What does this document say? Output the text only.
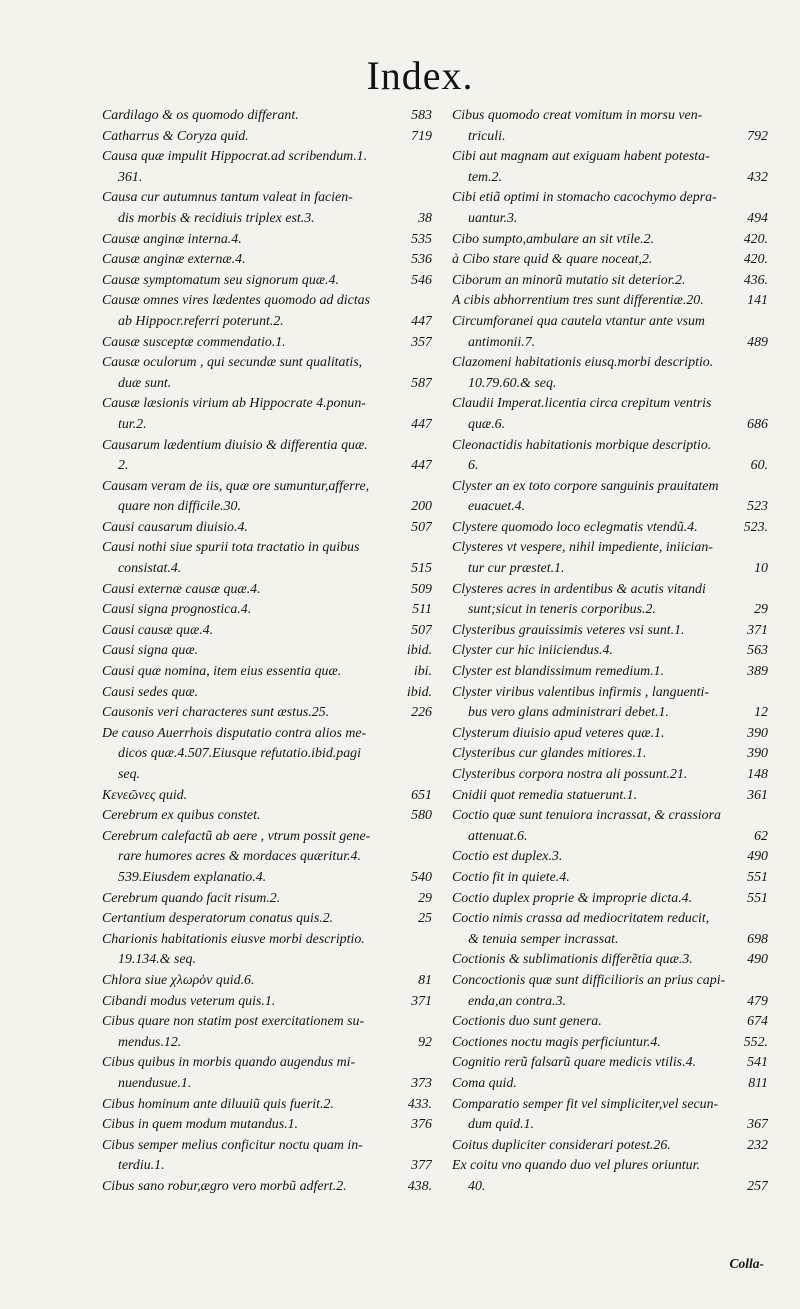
Index.
583
Cardilago & os quomodo differant.
719
Catharrus & Coryza quid.
Causa quæ impulit Hippocrat.ad scribendum.1.
361.
Causa cur autumnus tantum valeat in facien-
38
dis morbis & recidiuis triplex est.3.
535
Causæ anginæ interna.4.
536
Causæ anginæ externæ.4.
546
Causæ symptomatum seu signorum quæ.4.
Causæ omnes vires lædentes quomodo ad dictas
447
ab Hippocr.referri poterunt.2.
357
Causæ susceptæ commendatio.1.
Causæ oculorum , qui secundæ sunt qualitatis,
587
duæ sunt.
Causæ læsionis virium ab Hippocrate 4.ponun-
447
tur.2.
Causarum lædentium diuisio & differentia quæ.
447
2.
Causam veram de iis, quæ ore sumuntur,afferre,
200
quare non difficile.30.
507
Causi causarum diuisio.4.
Causi nothi siue spurii tota tractatio in quibus
515
consistat.4.
509
Causi externæ causæ quæ.4.
511
Causi signa prognostica.4.
507
Causi causæ quæ.4.
ibid.
Causi signa quæ.
ibi.
Causi quæ nomina, item eius essentia quæ.
ibid.
Causi sedes quæ.
226
Causonis veri characteres sunt æstus.25.
De causo Auerrhois disputatio contra alios me-
dicos quæ.4.507.Eiusque refutatio.ibid.pagi
seq.
651
Κενεῶνες quid.
580
Cerebrum ex quibus constet.
Cerebrum calefactũ ab aere , vtrum possit gene-
rare humores acres & mordaces quæritur.4.
540
539.Eiusdem explanatio.4.
29
Cerebrum quando facit risum.2.
25
Certantium desperatorum conatus quis.2.
Charionis habitationis eiusve morbi descriptio.
19.134.& seq.
81
Chlora siue χλωρὸν quid.6.
371
Cibandi modus veterum quis.1.
Cibus quare non statim post exercitationem su-
92
mendus.12.
Cibus quibus in morbis quando augendus mi-
373
nuendusue.1.
433.
Cibus hominum ante diluuiũ quis fuerit.2.
376
Cibus in quem modum mutandus.1.
Cibus semper melius conficitur noctu quam in-
377
terdiu.1.
438.
Cibus sano robur,ægro vero morbũ adfert.2.
Cibus quomodo creat vomitum in morsu ven-
792
triculi.
Cibi aut magnam aut exiguam habent potesta-
432
tem.2.
Cibi etiã optimi in stomacho cacochymo depra-
494
uantur.3.
420.
Cibo sumpto,ambulare an sit vtile.2.
420.
à Cibo stare quid & quare noceat,2.
436.
Ciborum an minorũ mutatio sit deterior.2.
141
A cibis abhorrentium tres sunt differentiæ.20.
Circumforanei qua cautela vtantur ante vsum
489
antimonii.7.
Clazomeni habitationis eiusq.morbi descriptio.
10.79.60.& seq.
Claudii Imperat.licentia circa crepitum ventris
686
quæ.6.
Cleonactidis habitationis morbique descriptio.
60.
6.
Clyster an ex toto corpore sanguinis prauitatem
523
euacuet.4.
523.
Clystere quomodo loco eclegmatis vtendũ.4.
Clysteres vt vespere, nihil impediente, iniician-
10
tur cur præstet.1.
Clysteres acres in ardentibus & acutis vitandi
29
sunt;sicut in teneris corporibus.2.
371
Clysteribus grauissimis veteres vsi sunt.1.
563
Clyster cur hic iniiciendus.4.
389
Clyster est blandissimum remedium.1.
Clyster viribus valentibus infirmis , languenti-
12
bus vero glans administrari debet.1.
390
Clysterum diuisio apud veteres quæ.1.
390
Clysteribus cur glandes mitiores.1.
148
Clysteribus corpora nostra ali possunt.21.
361
Cnidii quot remedia statuerunt.1.
Coctio quæ sunt tenuiora incrassat, & crassiora
62
attenuat.6.
490
Coctio est duplex.3.
551
Coctio fit in quiete.4.
551
Coctio duplex proprie & improprie dicta.4.
Coctio nimis crassa ad mediocritatem reducit,
698
& tenuia semper incrassat.
490
Coctionis & sublimationis differẽtia quæ.3.
Concoctionis quæ sunt difficilioris an prius capi-
479
enda,an contra.3.
674
Coctionis duo sunt genera.
552.
Coctiones noctu magis perficiuntur.4.
541
Cognitio rerũ falsarũ quare medicis vtilis.4.
811
Coma quid.
Comparatio semper fit vel simpliciter,vel secun-
367
dum quid.1.
232
Coitus dupliciter considerari potest.26.
Ex coitu vno quando duo vel plures oriuntur.
257
40.
Colla-
